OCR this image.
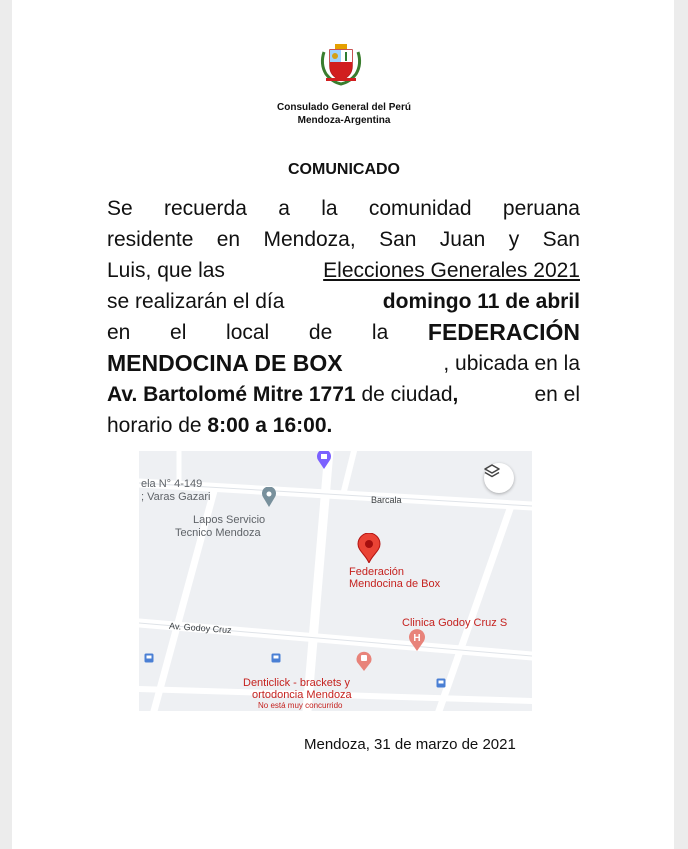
Consulado General del Perú
Mendoza-Argentina
COMUNICADO
Se recuerda a la comunidad peruana
residente en Mendoza, San Juan y San
Luis, que las	Elecciones Generales 2021
se realizarán el día	domingo 11 de abril
en el local de la FEDERACIÓN
MENDOCINA DE BOX	, ubicada en la
Av. Bartolomé Mitre 1771 de ciudad,	en el
horario de 8:00 a 16:00.
ela N° 4-149
; Varas Gazari	Barcala
Lapos Servicio
Tecnico Mendoza
Federación
Mendocina de Box
Av. Godoy Cruz	Clinica Godoy Cruz S
Denticlick - brackets y
ortodoncia Mendoza
No está muy concurrido
H
Mendoza, 31 de marzo de 2021
